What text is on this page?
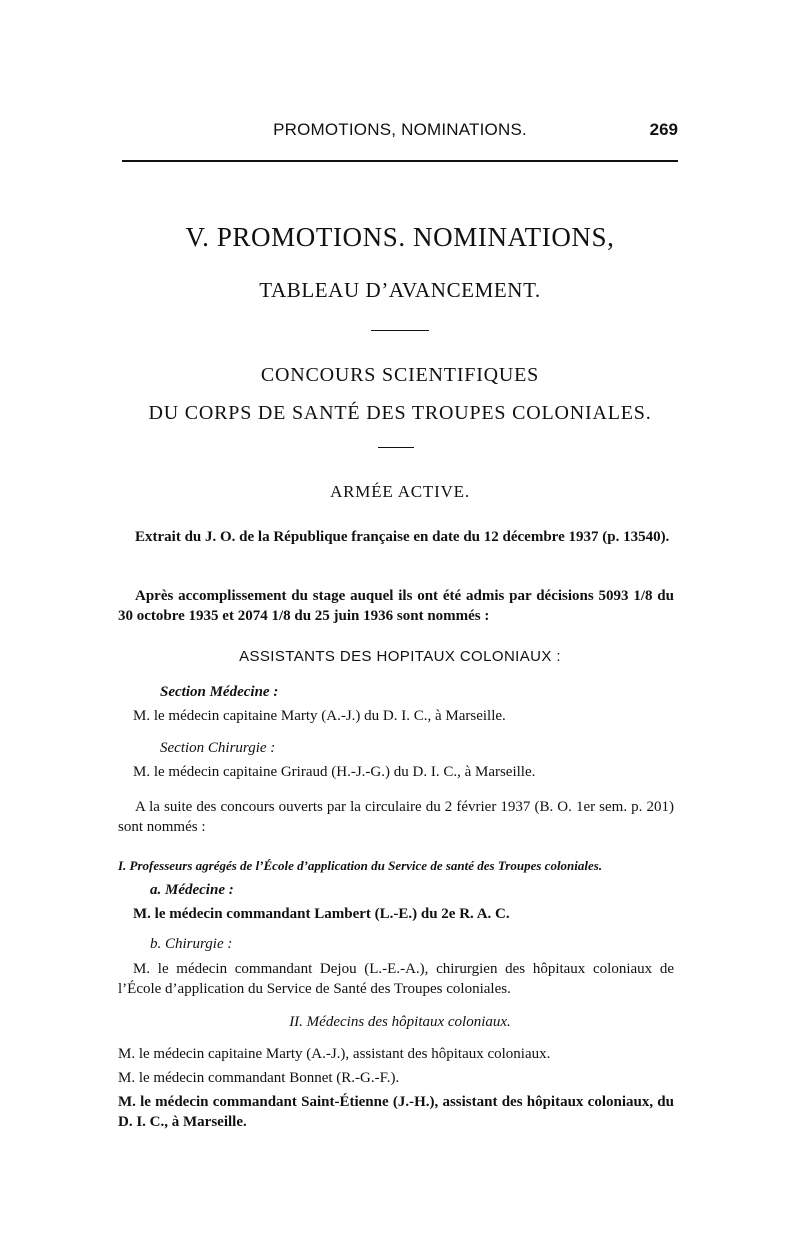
PROMOTIONS, NOMINATIONS.	269
V. PROMOTIONS. NOMINATIONS,
TABLEAU D’AVANCEMENT.
CONCOURS SCIENTIFIQUES
DU CORPS DE SANTÉ DES TROUPES COLONIALES.
ARMÉE ACTIVE.
Extrait du J. O. de la République française en date du 12 décembre 1937 (p. 13540).
Après accomplissement du stage auquel ils ont été admis par décisions 5093 1/8 du 30 octobre 1935 et 2074 1/8 du 25 juin 1936 sont nommés :
ASSISTANTS DES HOPITAUX COLONIAUX :
Section Médecine :
M. le médecin capitaine Marty (A.-J.) du D. I. C., à Marseille.
Section Chirurgie :
M. le médecin capitaine Griraud (H.-J.-G.) du D. I. C., à Marseille.
A la suite des concours ouverts par la circulaire du 2 février 1937 (B. O. 1er sem. p. 201) sont nommés :
I. Professeurs agrégés de l’École d’application du Service de santé des Troupes coloniales.
a. Médecine :
M. le médecin commandant Lambert (L.-E.) du 2e R. A. C.
b. Chirurgie :
M. le médecin commandant Dejou (L.-E.-A.), chirurgien des hôpitaux coloniaux de l’École d’application du Service de Santé des Troupes coloniales.
II. Médecins des hôpitaux coloniaux.
M. le médecin capitaine Marty (A.-J.), assistant des hôpitaux coloniaux.
M. le médecin commandant Bonnet (R.-G.-F.).
M. le médecin commandant Saint-Étienne (J.-H.), assistant des hôpitaux coloniaux, du D. I. C., à Marseille.
